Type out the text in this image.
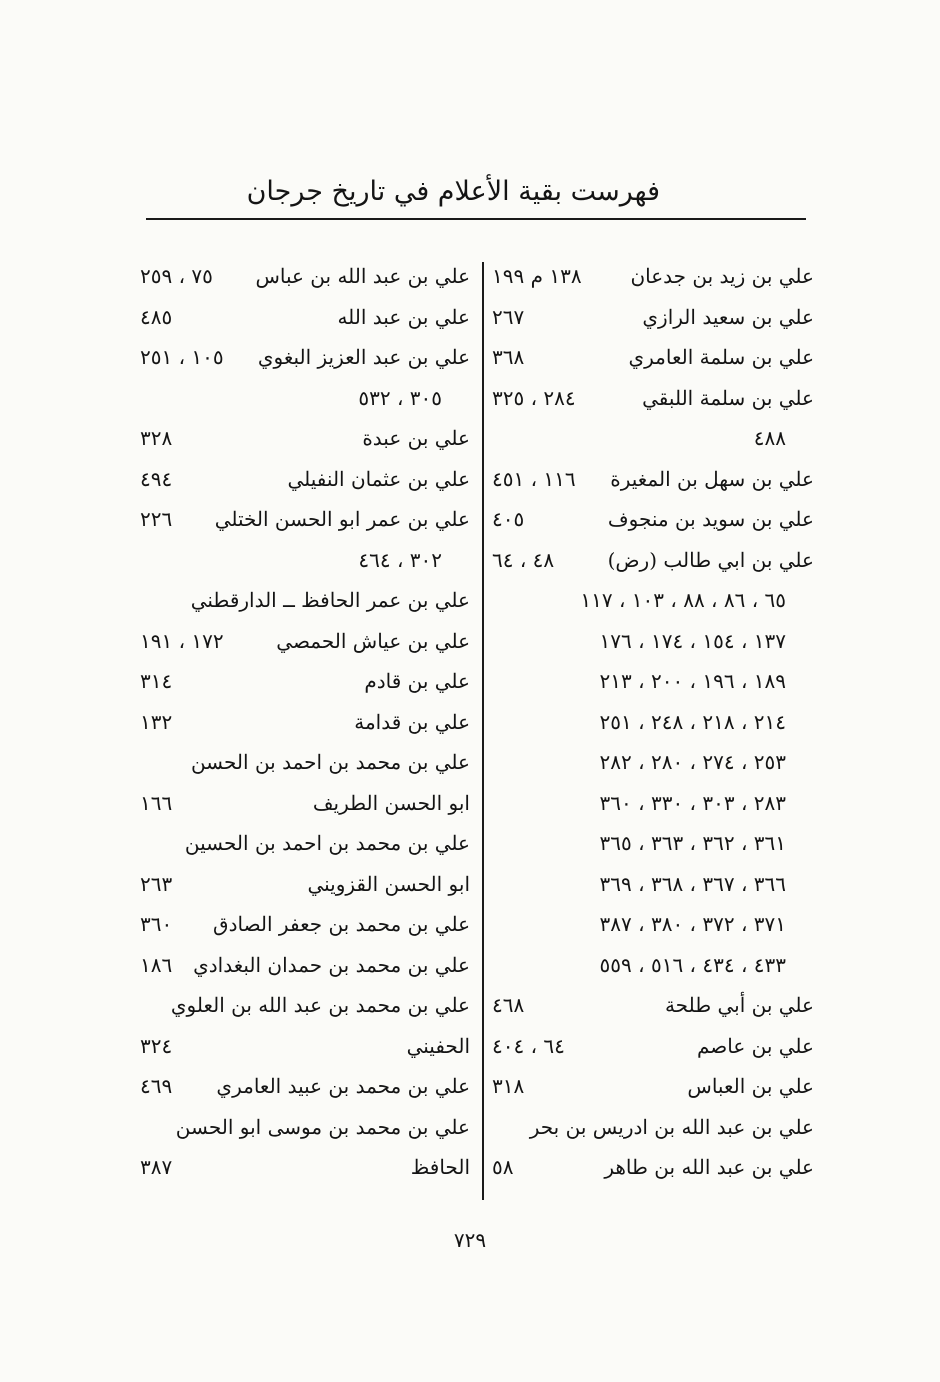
فهرست بقية الأعلام في تاريخ جرجان
علي بن زيد بن جدعان
١٣٨ م ١٩٩
علي بن سعيد الرازي
٢٦٧
علي بن سلمة العامري
٣٦٨
علي بن سلمة اللبقي
٢٨٤ ، ٣٢٥
٤٨٨
علي بن سهل بن المغيرة
١١٦ ، ٤٥١
علي بن سويد بن منجوف
٤٠٥
علي بن ابي طالب (رض)
٤٨ ، ٦٤
٦٥ ، ٨٦ ، ٨٨ ، ١٠٣ ، ١١٧
١٣٧ ، ١٥٤ ، ١٧٤ ، ١٧٦
١٨٩ ، ١٩٦ ، ٢٠٠ ، ٢١٣
٢١٤ ، ٢١٨ ، ٢٤٨ ، ٢٥١
٢٥٣ ، ٢٧٤ ، ٢٨٠ ، ٢٨٢
٢٨٣ ، ٣٠٣ ، ٣٣٠ ، ٣٦٠
٣٦١ ، ٣٦٢ ، ٣٦٣ ، ٣٦٥
٣٦٦ ، ٣٦٧ ، ٣٦٨ ، ٣٦٩
٣٧١ ، ٣٧٢ ، ٣٨٠ ، ٣٨٧
٤٣٣ ، ٤٣٤ ، ٥١٦ ، ٥٥٩
علي بن أبي طلحة
٤٦٨
علي بن عاصم
٦٤ ، ٤٠٤
علي بن العباس
٣١٨
علي بن عبد الله بن ادريس بن بحر
علي بن عبد الله بن طاهر
٥٨
علي بن عبد الله بن عباس
٧٥ ، ٢٥٩
علي بن عبد الله
٤٨٥
علي بن عبد العزيز البغوي
١٠٥ ، ٢٥١
٣٠٥ ، ٥٣٢
علي بن عبدة
٣٢٨
علي بن عثمان النفيلي
٤٩٤
علي بن عمر ابو الحسن الختلي
٢٢٦
٣٠٢ ، ٤٦٤
علي بن عمر الحافظ ــ الدارقطني
علي بن عياش الحمصي
١٧٢ ، ١٩١
علي بن قادم
٣١٤
علي بن قدامة
١٣٢
علي بن محمد بن احمد بن الحسن
ابو الحسن الطريف
١٦٦
علي بن محمد بن احمد بن الحسين
ابو الحسن القزويني
٢٦٣
علي بن محمد بن جعفر الصادق
٣٦٠
علي بن محمد بن حمدان البغدادي
١٨٦
علي بن محمد بن عبد الله بن العلوي
الحفيني
٣٢٤
علي بن محمد بن عبيد العامري
٤٦٩
علي بن محمد بن موسى ابو الحسن
الحافظ
٣٨٧
٧٢٩
